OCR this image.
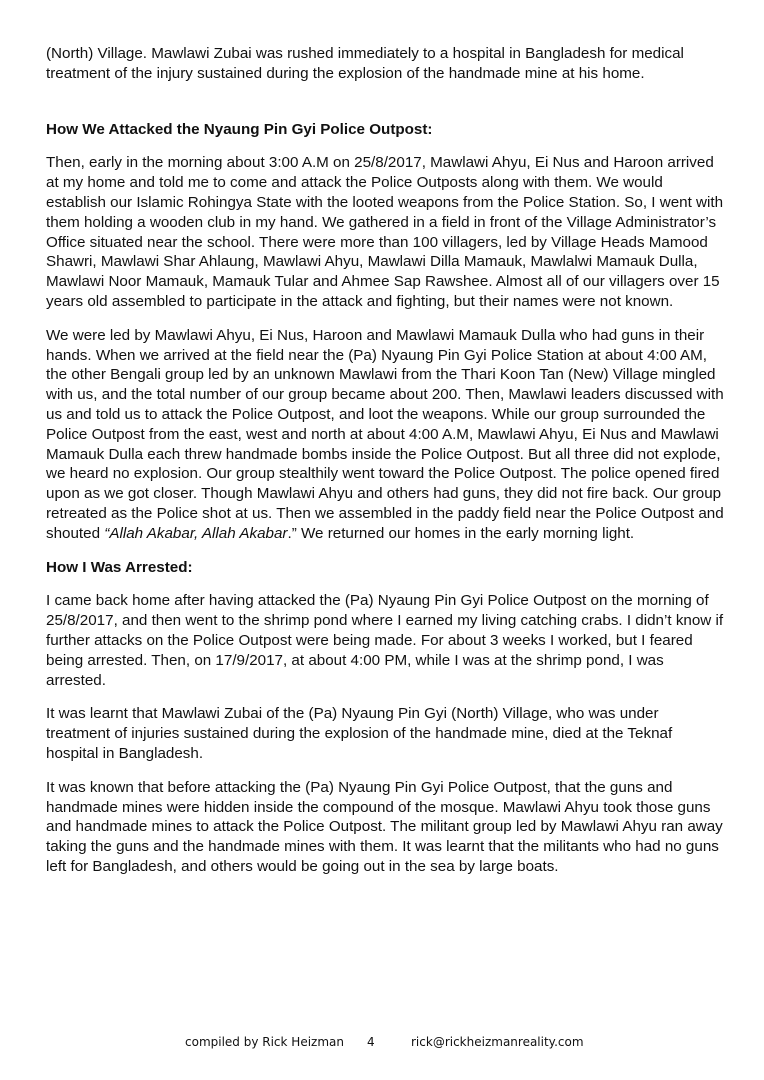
(North) Village. Mawlawi Zubai was rushed immediately to a hospital in Bangladesh for medical treatment of the injury sustained during the explosion of the handmade mine at his home.

How We Attacked the Nyaung Pin Gyi Police Outpost:

Then, early in the morning about 3:00 A.M on 25/8/2017, Mawlawi Ahyu, Ei Nus and Haroon arrived at my home and told me to come and attack the Police Outposts along with them. We would establish our Islamic Rohingya State with the looted weapons from the Police Station. So, I went with them holding a wooden club in my hand. We gathered in a field in front of the Village Administrator’s Office situated near the school. There were more than 100 villagers, led by Village Heads Mamood Shawri, Mawlawi Shar Ahlaung, Mawlawi Ahyu, Mawlawi Dilla Mamauk, Mawlalwi Mamauk Dulla, Mawlawi Noor Mamauk, Mamauk Tular and Ahmee Sap Rawshee. Almost all of our villagers over 15 years old assembled to participate in the attack and fighting, but their names were not known.

We were led by Mawlawi Ahyu, Ei Nus, Haroon and Mawlawi Mamauk Dulla who had guns in their hands. When we arrived at the field near the (Pa) Nyaung Pin Gyi Police Station at about 4:00 AM, the other Bengali group led by an unknown Mawlawi from the Thari Koon Tan (New) Village mingled with us, and the total number of our group became about 200. Then, Mawlawi leaders discussed with us and told us to attack the Police Outpost, and loot the weapons. While our group surrounded the Police Outpost from the east, west and north at about 4:00 A.M, Mawlawi Ahyu, Ei Nus and Mawlawi Mamauk Dulla each threw handmade bombs inside the Police Outpost. But all three did not explode, we heard no explosion. Our group stealthily went toward the Police Outpost. The police opened fired upon as we got closer. Though Mawlawi Ahyu and others had guns, they did not fire back. Our group retreated as the Police shot at us. Then we assembled in the paddy field near the Police Outpost and shouted “Allah Akabar, Allah Akabar.” We returned our homes in the early morning light.

How I Was Arrested:

I came back home after having attacked the (Pa) Nyaung Pin Gyi Police Outpost on the morning of 25/8/2017, and then went to the shrimp pond where I earned my living catching crabs. I didn’t know if further attacks on the Police Outpost were being made. For about 3 weeks I worked, but I feared being arrested. Then, on 17/9/2017, at about 4:00 PM, while I was at the shrimp pond, I was arrested.

It was learnt that Mawlawi Zubai of the (Pa) Nyaung Pin Gyi (North) Village, who was under treatment of injuries sustained during the explosion of the handmade mine, died at the Teknaf hospital in Bangladesh.

It was known that before attacking the (Pa) Nyaung Pin Gyi Police Outpost, that the guns and handmade mines were hidden inside the compound of the mosque. Mawlawi Ahyu took those guns and handmade mines to attack the Police Outpost. The militant group led by Mawlawi Ahyu ran away taking the guns and the handmade mines with them. It was learnt that the militants who had no guns left for Bangladesh, and others would be going out in the sea by large boats.

compiled by Rick Heizman 4	rick@rickheizmanreality.com
